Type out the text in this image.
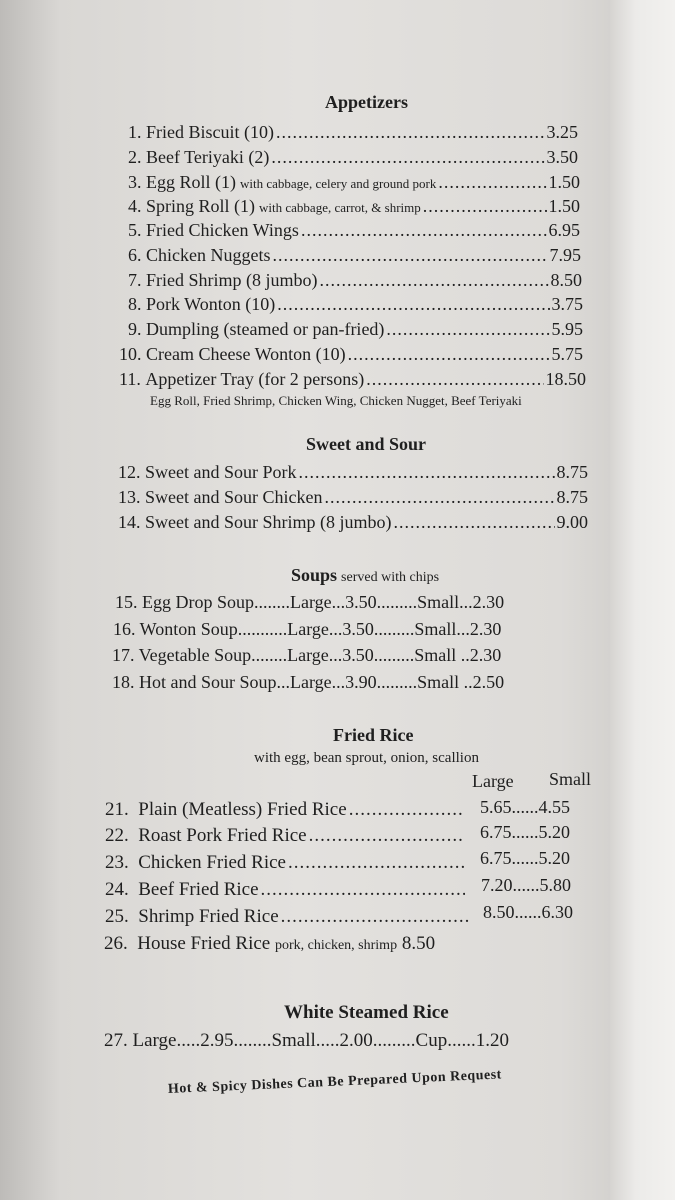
Appetizers
1.
Fried Biscuit (10) .....	3.25
2.
Beef Teriyaki (2) .....	3.50
3.
Egg Roll (1) with cabbage, celery and ground pork .....	1.50
4.
Spring Roll (1) with cabbage, carrot, & shrimp .....	1.50
5.
Fried Chicken Wings .....	6.95
6.
Chicken Nuggets .....	7.95
7.
Fried Shrimp (8 jumbo) .....	8.50
8.
Pork Wonton (10) .....	3.75
9.
Dumpling (steamed or pan-fried) .....	5.95
10.
Cream Cheese Wonton (10) .....	5.75
11.
Appetizer Tray (for 2 persons) .....	18.50
Egg Roll, Fried Shrimp, Chicken Wing, Chicken Nugget, Beef Teriyaki
Sweet and Sour
12.
Sweet and Sour Pork .....	8.75
13.
Sweet and Sour Chicken .....	8.75
14.
Sweet and Sour Shrimp (8 jumbo) .....	9.00
Soups served with chips
15. Egg Drop Soup........Large...3.50.........Small...2.30
16. Wonton Soup...........Large...3.50.........Small...2.30
17. Vegetable Soup........Large...3.50.........Small ..2.30
18. Hot and Sour Soup...Large...3.90.........Small ..2.50
Fried Rice
with egg, bean sprout, onion, scallion
Large Small
21.
Plain (Meatless) Fried Rice .....	5.65......4.55
22.
Roast Pork Fried Rice .....	6.75......5.20
23.
Chicken Fried Rice .....	6.75......5.20
24.
Beef Fried Rice .....	7.20......5.80
25.
Shrimp Fried Rice .....	8.50......6.30
26. House Fried Rice pork, chicken, shrimp 8.50
White Steamed Rice
27. Large.....2.95........Small.....2.00.........Cup......1.20
Hot & Spicy Dishes Can Be Prepared Upon Request
